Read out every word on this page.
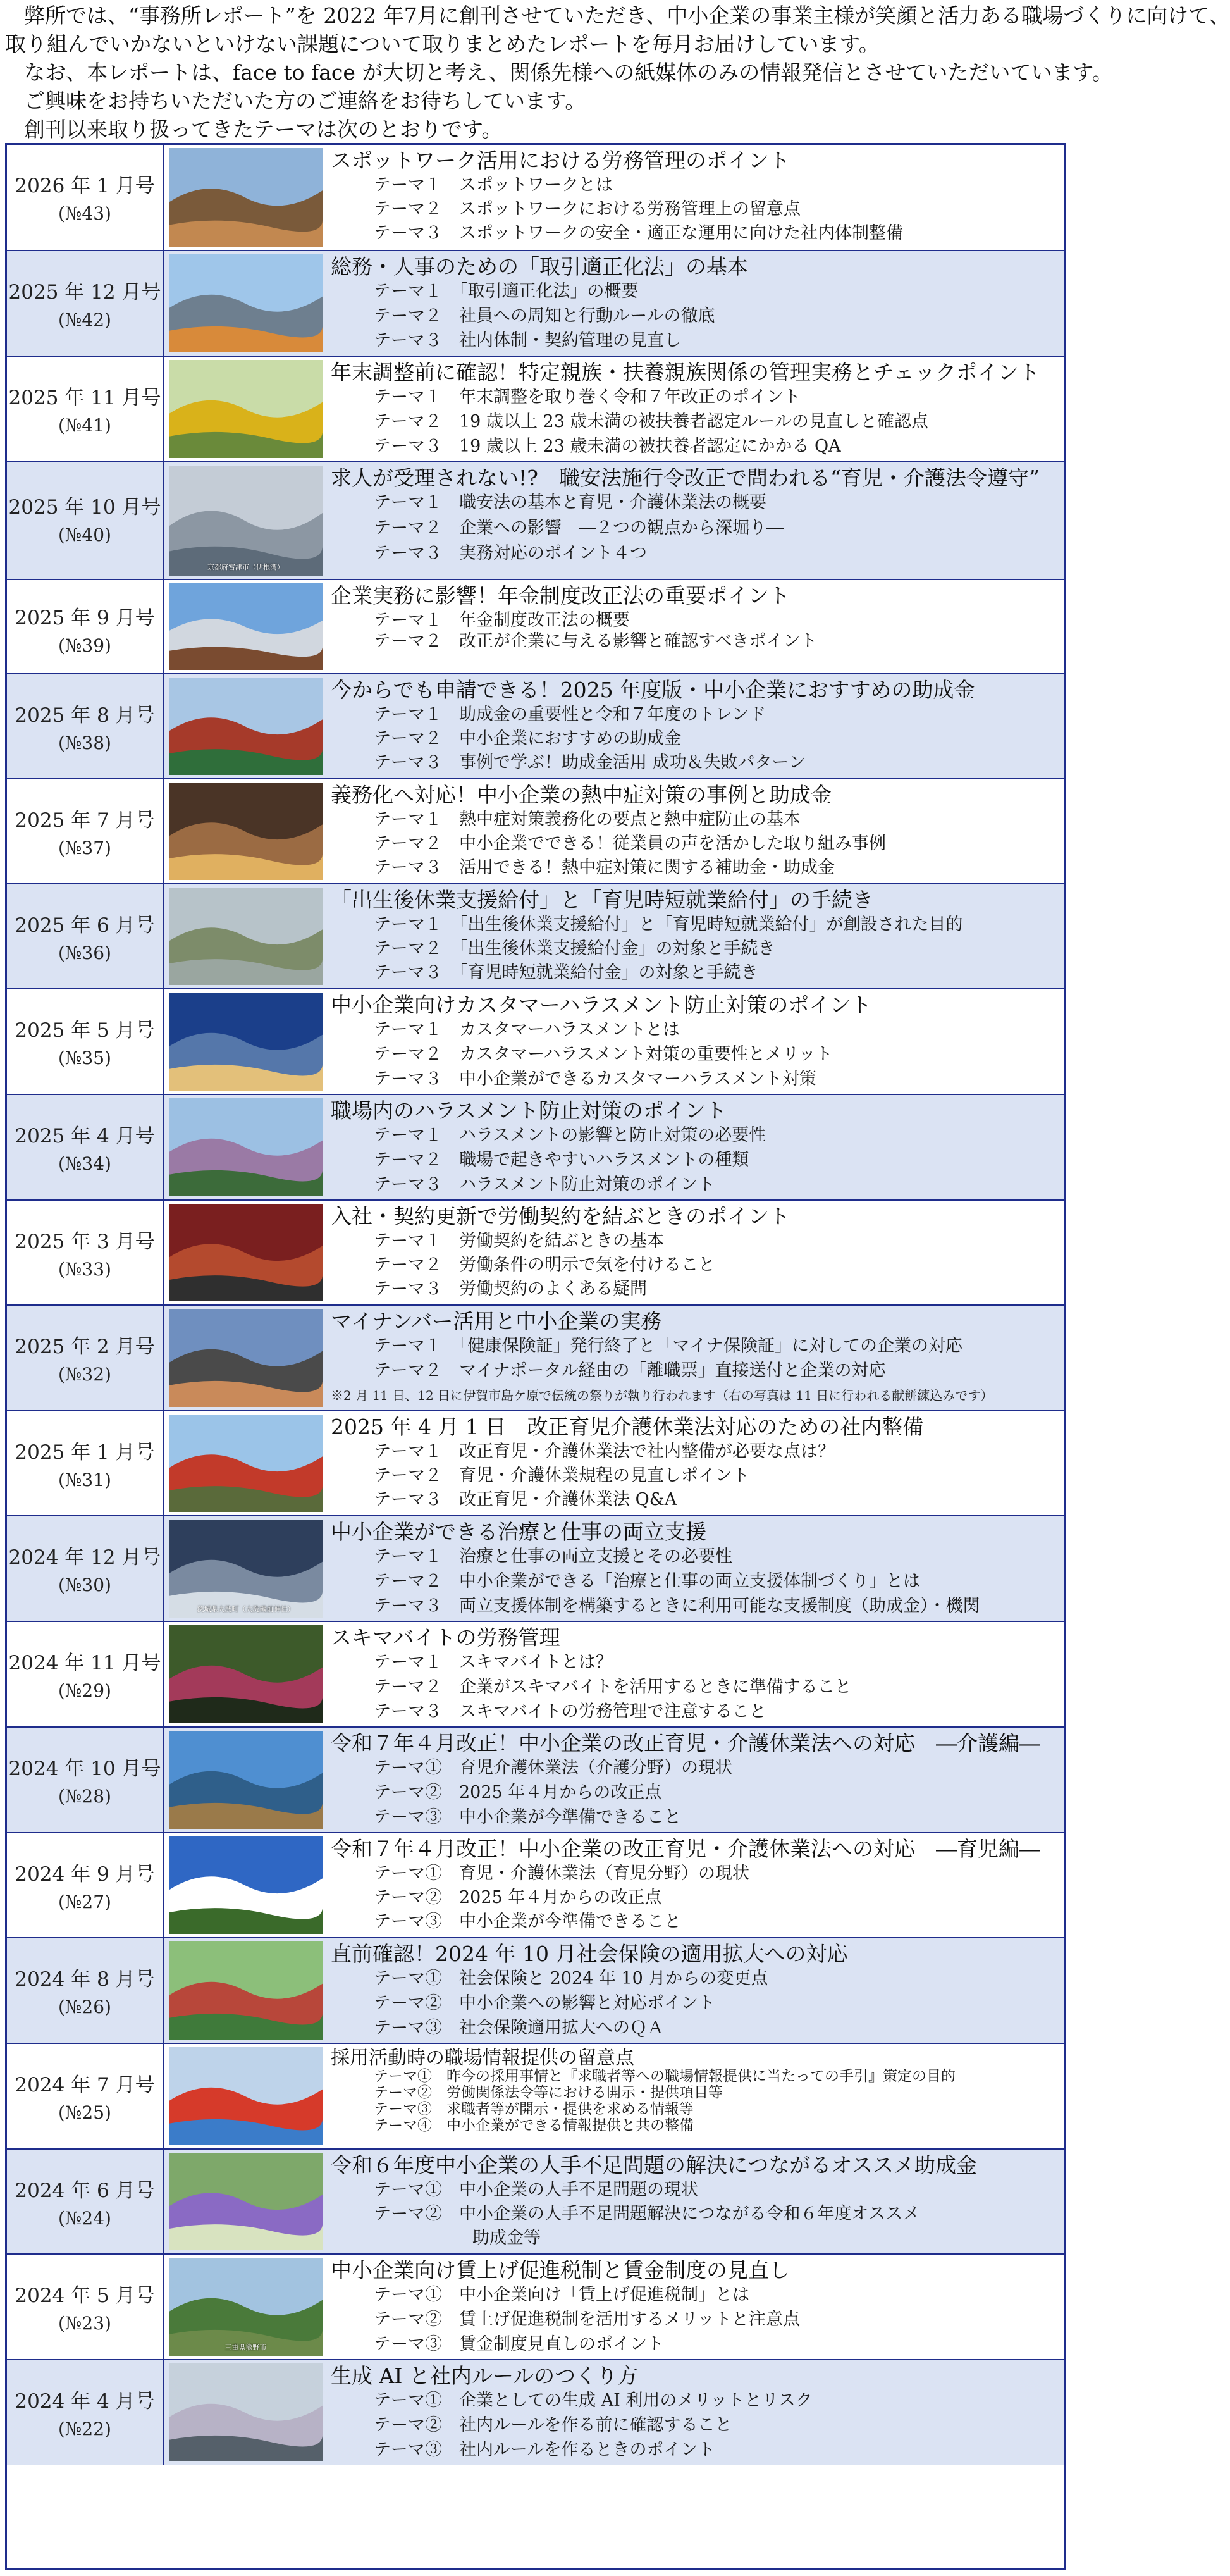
弊所では、“事務所レポート”を 2022 年7月に創刊させていただき、中小企業の事業主様が笑顔と活力ある職場づくりに向けて、
取り組んでいかないといけない課題について取りまとめたレポートを毎月お届けしています。
なお、本レポートは、face to face が大切と考え、関係先様への紙媒体のみの情報発信とさせていただいています。
ご興味をお持ちいただいた方のご連絡をお待ちしています。
創刊以来取り扱ってきたテーマは次のとおりです。
2026 年 1 月号
(№43)
スポットワーク活用における労務管理のポイント
テーマ１　スポットワークとは
テーマ２　スポットワークにおける労務管理上の留意点
テーマ３　スポットワークの安全・適正な運用に向けた社内体制整備
2025 年 12 月号
(№42)
総務・人事のための「取引適正化法」の基本
テーマ１　「取引適正化法」の概要
テーマ２　社員への周知と行動ルールの徹底
テーマ３　社内体制・契約管理の見直し
2025 年 11 月号
(№41)
年末調整前に確認！特定親族・扶養親族関係の管理実務とチェックポイント
テーマ１　年末調整を取り巻く令和７年改正のポイント
テーマ２　19 歳以上 23 歳未満の被扶養者認定ルールの見直しと確認点
テーマ３　19 歳以上 23 歳未満の被扶養者認定にかかる QA
2025 年 10 月号
(№40)
京都府宮津市（伊根湾）
求人が受理されない!?　職安法施行令改正で問われる“育児・介護法令遵守”
テーマ１　職安法の基本と育児・介護休業法の概要
テーマ２　企業への影響　―２つの観点から深堀り―
テーマ３　実務対応のポイント４つ
2025 年 9 月号
(№39)
企業実務に影響！年金制度改正法の重要ポイント
テーマ１　年金制度改正法の概要
テーマ２　改正が企業に与える影響と確認すべきポイント
2025 年 8 月号
(№38)
今からでも申請できる！2025 年度版・中小企業におすすめの助成金
テーマ１　助成金の重要性と令和７年度のトレンド
テーマ２　中小企業におすすめの助成金
テーマ３　事例で学ぶ！助成金活用 成功＆失敗パターン
2025 年 7 月号
(№37)
義務化へ対応！中小企業の熱中症対策の事例と助成金
テーマ１　熱中症対策義務化の要点と熱中症防止の基本
テーマ２　中小企業でできる！従業員の声を活かした取り組み事例
テーマ３　活用できる！熱中症対策に関する補助金・助成金
2025 年 6 月号
(№36)
「出生後休業支援給付」と「育児時短就業給付」の手続き
テーマ１　「出生後休業支援給付」と「育児時短就業給付」が創設された目的
テーマ２　「出生後休業支援給付金」の対象と手続き
テーマ３　「育児時短就業給付金」の対象と手続き
2025 年 5 月号
(№35)
中小企業向けカスタマーハラスメント防止対策のポイント
テーマ１　カスタマーハラスメントとは
テーマ２　カスタマーハラスメント対策の重要性とメリット
テーマ３　中小企業ができるカスタマーハラスメント対策
2025 年 4 月号
(№34)
職場内のハラスメント防止対策のポイント
テーマ１　ハラスメントの影響と防止対策の必要性
テーマ２　職場で起きやすいハラスメントの種類
テーマ３　ハラスメント防止対策のポイント
2025 年 3 月号
(№33)
入社・契約更新で労働契約を結ぶときのポイント
テーマ１　労働契約を結ぶときの基本
テーマ２　労働条件の明示で気を付けること
テーマ３　労働契約のよくある疑問
2025 年 2 月号
(№32)
マイナンバー活用と中小企業の実務
テーマ１　「健康保険証」発行終了と「マイナ保険証」に対しての企業の対応
テーマ２　マイナポータル経由の「離職票」直接送付と企業の対応
※2 月 11 日、12 日に伊賀市島ケ原で伝統の祭りが執り行われます（右の写真は 11 日に行われる献餅練込みです）
2025 年 1 月号
(№31)
2025 年 4 月 1 日　改正育児介護休業法対応のための社内整備
テーマ１　改正育児・介護休業法で社内整備が必要な点は？
テーマ２　育児・介護休業規程の見直しポイント
テーマ３　改正育児・介護休業法 Q&A
2024 年 12 月号
(№30)
茨城県大洗町（大洗磯前神社）
中小企業ができる治療と仕事の両立支援
テーマ１　治療と仕事の両立支援とその必要性
テーマ２　中小企業ができる「治療と仕事の両立支援体制づくり」とは
テーマ３　両立支援体制を構築するときに利用可能な支援制度（助成金）・機関
2024 年 11 月号
(№29)
スキマバイトの労務管理
テーマ１　スキマバイトとは？
テーマ２　企業がスキマバイトを活用するときに準備すること
テーマ３　スキマバイトの労務管理で注意すること
2024 年 10 月号
(№28)
令和７年４月改正！中小企業の改正育児・介護休業法への対応　―介護編―
テーマ①　育児介護休業法（介護分野）の現状
テーマ②　2025 年４月からの改正点
テーマ③　中小企業が今準備できること
2024 年 9 月号
(№27)
令和７年４月改正！中小企業の改正育児・介護休業法への対応　―育児編―
テーマ①　育児・介護休業法（育児分野）の現状
テーマ②　2025 年４月からの改正点
テーマ③　中小企業が今準備できること
2024 年 8 月号
(№26)
直前確認！2024 年 10 月社会保険の適用拡大への対応
テーマ①　社会保険と 2024 年 10 月からの変更点
テーマ②　中小企業への影響と対応ポイント
テーマ③　社会保険適用拡大へのＱＡ
2024 年 7 月号
(№25)
採用活動時の職場情報提供の留意点
テーマ①　昨今の採用事情と『求職者等への職場情報提供に当たっての手引』策定の目的
テーマ②　労働関係法令等における開示・提供項目等
テーマ③　求職者等が開示・提供を求める情報等
テーマ④　中小企業ができる情報提供と共の整備
2024 年 6 月号
(№24)
令和６年度中小企業の人手不足問題の解決につながるオススメ助成金
テーマ①　中小企業の人手不足問題の現状
テーマ②　中小企業の人手不足問題解決につながる令和６年度オススメ
助成金等
2024 年 5 月号
(№23)
三重県熊野市
中小企業向け賃上げ促進税制と賃金制度の見直し
テーマ①　中小企業向け「賃上げ促進税制」とは
テーマ②　賃上げ促進税制を活用するメリットと注意点
テーマ③　賃金制度見直しのポイント
2024 年 4 月号
(№22)
生成 AI と社内ルールのつくり方
テーマ①　企業としての生成 AI 利用のメリットとリスク
テーマ②　社内ルールを作る前に確認すること
テーマ③　社内ルールを作るときのポイント
